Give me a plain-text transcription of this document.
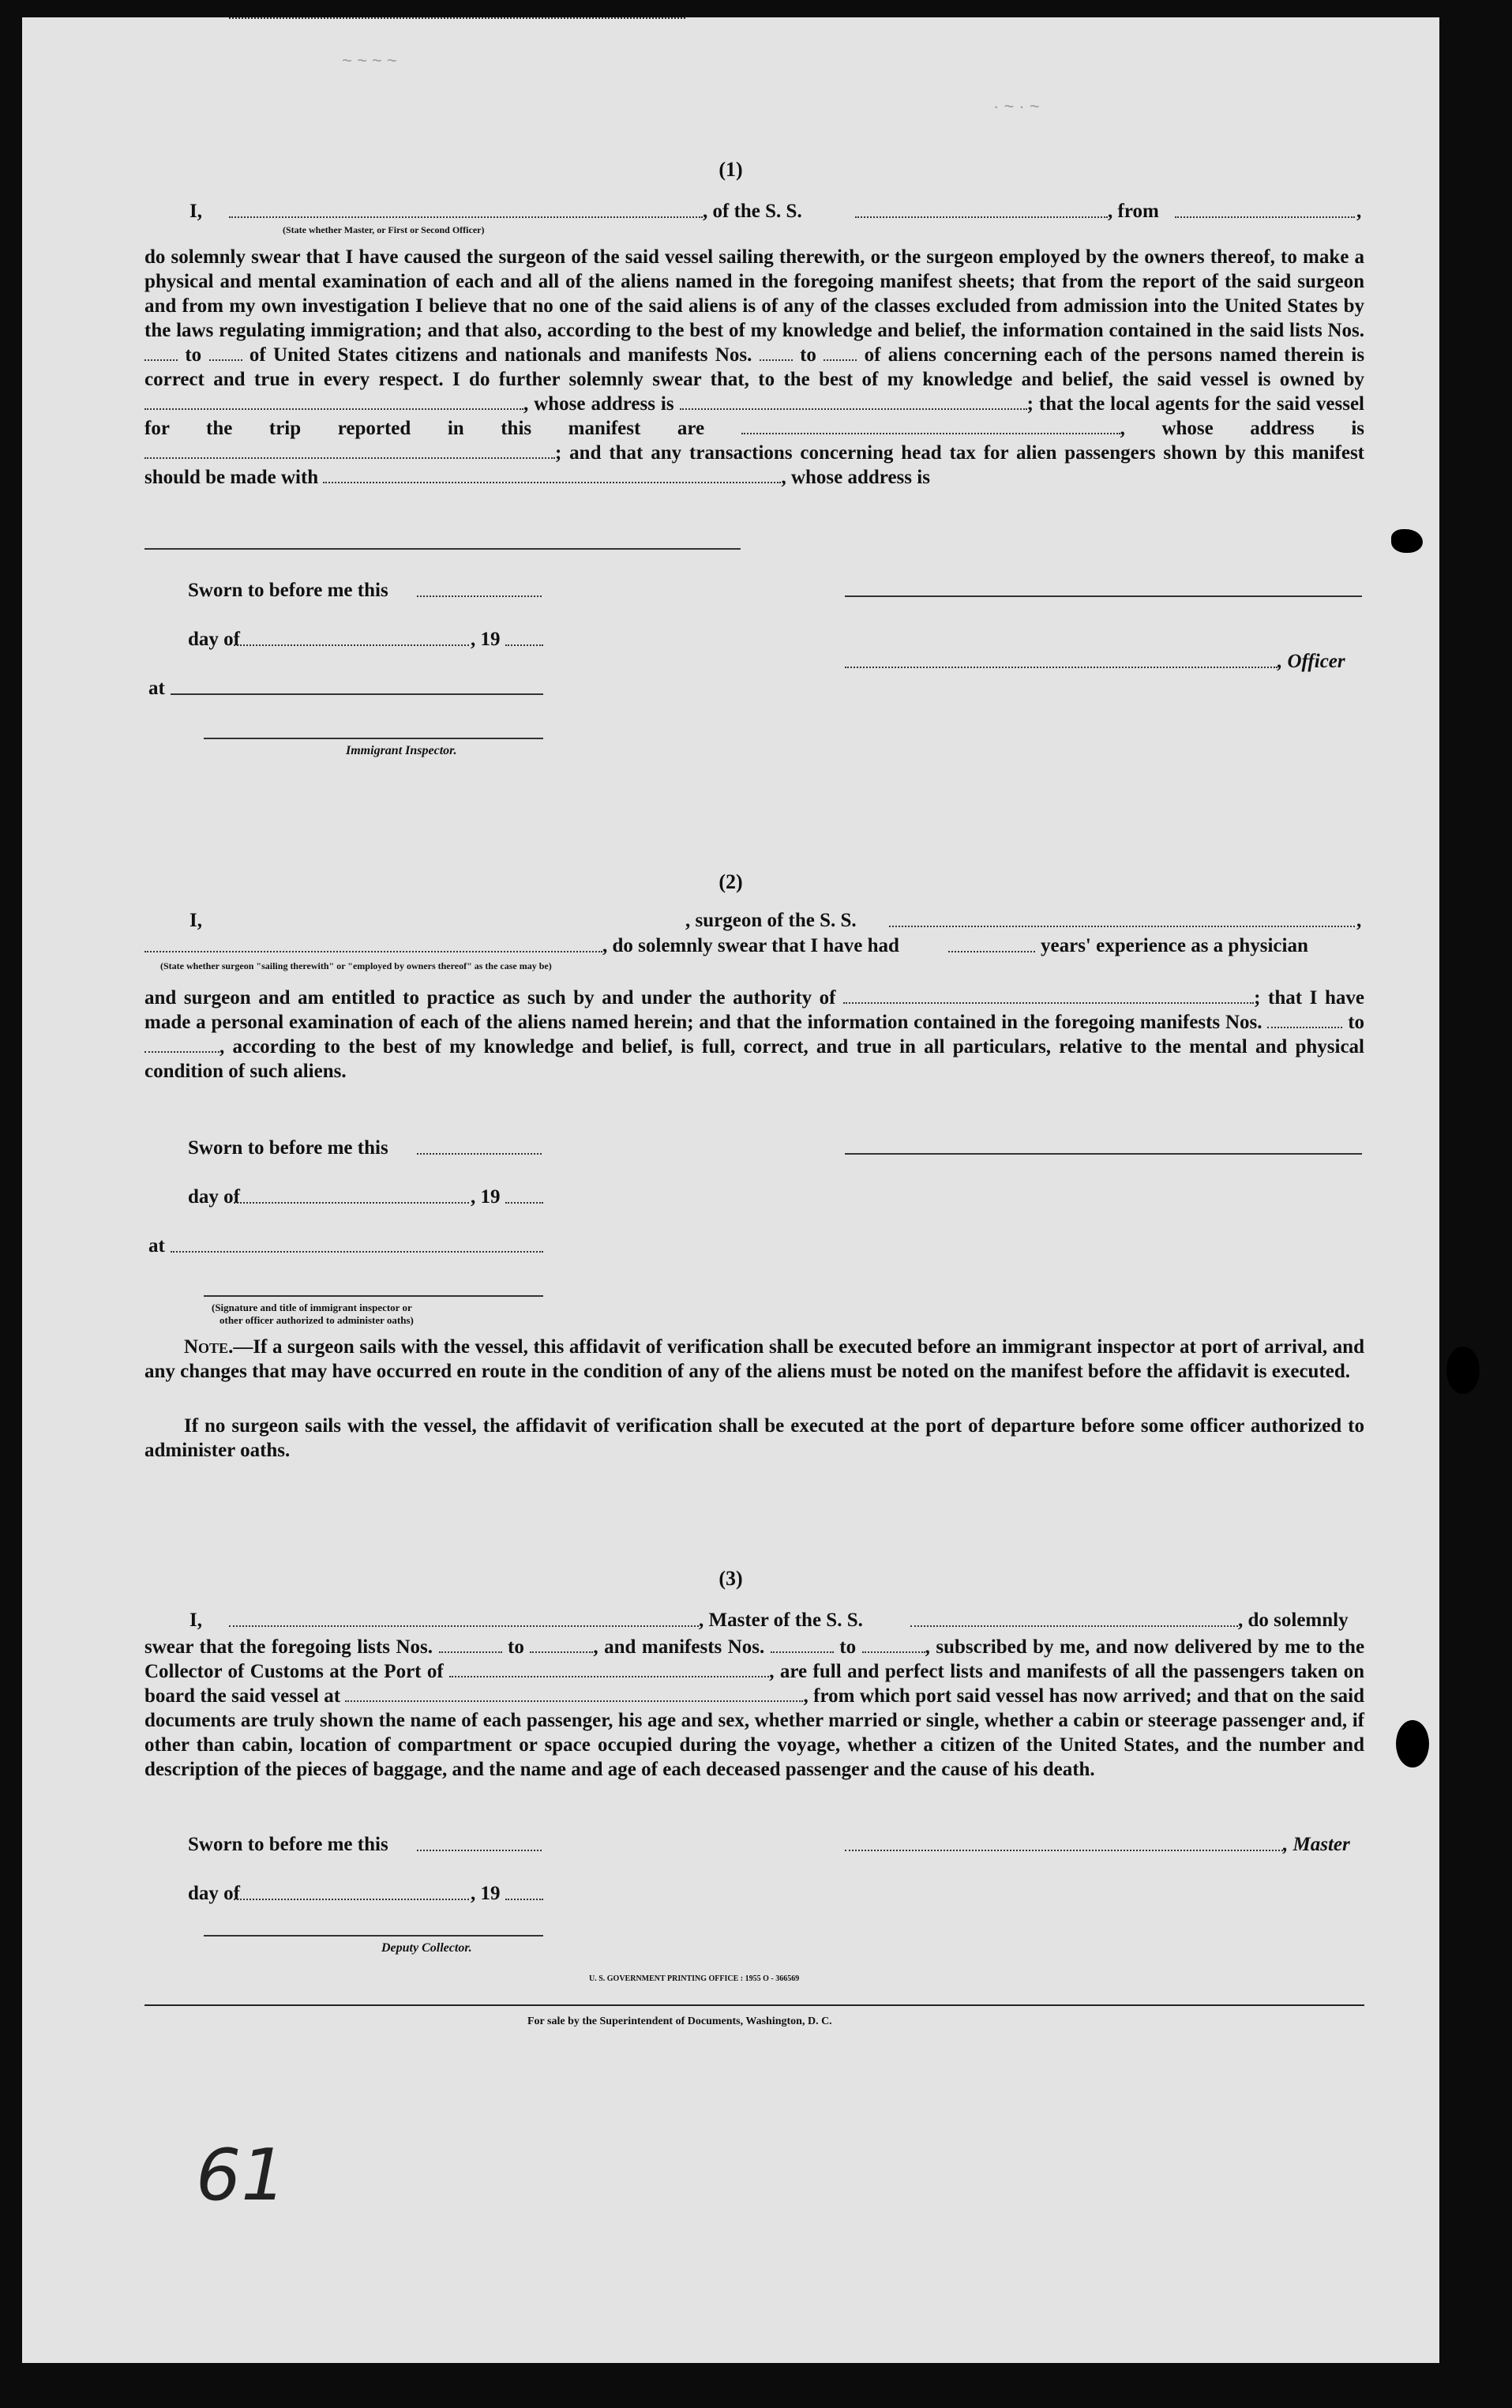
(1)
I,	, of the S. S.	, from	,
(State whether Master, or First or Second Officer)
do solemnly swear that I have caused the surgeon of the said vessel sailing therewith, or the surgeon employed by the owners thereof, to make a physical and mental examination of each and all of the aliens named in the foregoing manifest sheets; that from the report of the said surgeon and from my own investigation I believe that no one of the said aliens is of any of the classes excluded from admission into the United States by the laws regulating immigration; and that also, according to the best of my knowledge and belief, the information contained in the said lists Nos.  to of United States citizens and nationals and manifests Nos. to of aliens concerning each of the persons named therein is correct and true in every respect. I do further solemnly swear that, to the best of my knowledge and belief, the said vessel is owned by , whose address is	; that the local agents for the said vessel for the trip reported in this manifest are	, whose address is ; and that any transactions concerning head tax for alien passengers shown by this manifest should be made with	, whose address is
Sworn to before me this
day of	, 19
, Officer
at
Immigrant Inspector.
(2)
I,	, surgeon of the S. S.	,
, do solemnly swear that I have had	years' experience as a physician
(State whether surgeon "sailing therewith" or "employed by owners thereof" as the case may be)
and surgeon and am entitled to practice as such by and under the authority of	; that I have made a personal examination of each of the aliens named herein; and that the information contained in the foregoing manifests Nos.	to , according to the best of my knowledge and belief, is full, correct, and true in all particulars, relative to the mental and physical condition of such aliens.
Sworn to before me this
day of	, 19
at
(Signature and title of immigrant inspector or
other officer authorized to administer oaths)
Note.—If a surgeon sails with the vessel, this affidavit of verification shall be executed before an immigrant inspector at port of arrival, and any changes that may have occurred en route in the condition of any of the aliens must be noted on the manifest before the affidavit is executed.
If no surgeon sails with the vessel, the affidavit of verification shall be executed at the port of departure before some officer authorized to administer oaths.
(3)
I,	, Master of the S. S.	, do solemnly
swear that the foregoing lists Nos.	to	, and manifests Nos.	to	, subscribed by me, and now delivered by me to the Collector of Customs at the Port of	, are full and perfect lists and manifests of all the passengers taken on board the said vessel at	, from which port said vessel has now arrived; and that on the said documents are truly shown the name of each passenger, his age and sex, whether married or single, whether a cabin or steerage passenger and, if other than cabin, location of compartment or space occupied during the voyage, whether a citizen of the United States, and the number and description of the pieces of baggage, and the name and age of each deceased passenger and the cause of his death.
Sworn to before me this	, Master
day of	, 19
Deputy Collector.
U. S. GOVERNMENT PRINTING OFFICE : 1955 O - 366569
For sale by the Superintendent of Documents, Washington, D. C.
61
~ ~ ~ ~
· ~ · ~
